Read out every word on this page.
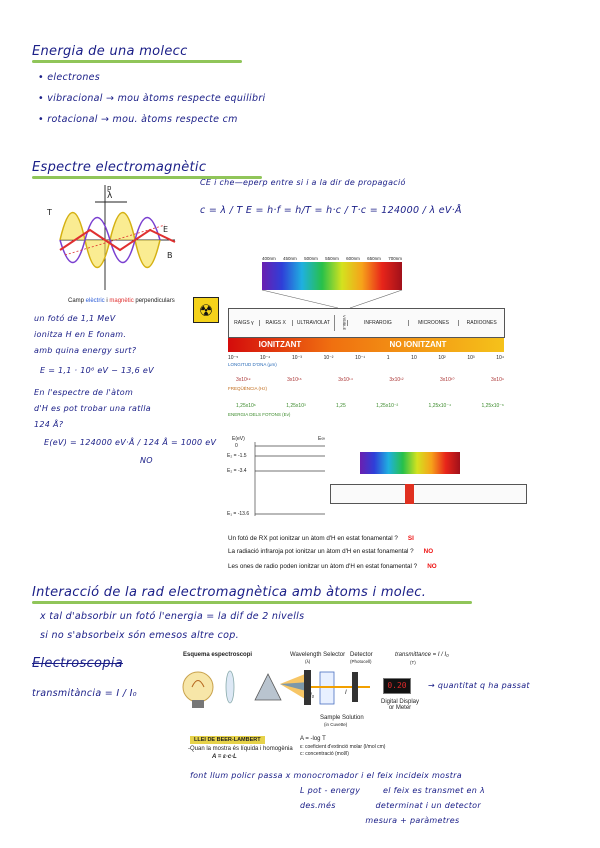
Energia de una molecc
• electrones
• vibracional → mou àtoms respecte equilibri
• rotacional → mou. àtoms respecte cm
Espectre electromagnètic
CE i che—eperp entre si i a la dir de propagació
c = λ / T E = h·f = h/T = h·c / T·c = 124000 / λ eV·Å
λ
E
B
p
T
Camp elèctric i magnètic perpendiculars
un fotó de 1,1 MeV
ionitza H en E fonam.
amb quina energy surt?
E = 1,1 · 10⁶ eV − 13,6 eV
En l'espectre de l'àtom
d'H es pot trobar una ratlla
124 Å?
E(eV) = 124000 eV·Å / 124 Å = 1000 eV
NO
☢
400nm 450nm 500nm 550nm 600nm 650nm 700nm
RAIGS γ	RAIGS X	ULTRAVIOLAT	VISIBLE	INFRAROIG	MICROONES	RADIOONES
IONITZANT	NO IONITZANT
10⁻⁵	10⁻⁴	10⁻³	10⁻²	10⁻¹	1	10	10²	10³	10⁴
LONGITUD D'ONA (μm)
3x10¹⁹	3x10¹⁶	3x10¹⁴	3x10¹²	3x10¹⁰	3x10⁹
FREQÜÈNCIA (Hz)
1,25x10⁶	1,25x10³	1,25	1,25x10⁻²	1,25x10⁻⁴	1,25x10⁻⁶
ENERGIA DELS FOTONS (Ev)
E(eV)
0
E₂ = -1.5
E₂ = -3.4
E₁ = -13.6
E∞
Un fotó de RX pot ionitzar un àtom d'H en estat fonamental ? SI
La radiació infraroja pot ionitzar un àtom d'H en estat fonamental ? NO
Les ones de radio poden ionitzar un àtom d'H en estat fonamental ? NO
Interacció de la rad electromagnètica amb àtoms i molec.
x tal d'absorbir un fotó l'energia = la dif de 2 nivells
si no s'absorbeix són emesos altre cop.
Electroscopia
transmitància = I / I₀
Esquema espectroscopi	Wavelength Selector
(λ)
Detector
(Photocell)
transmittance = I / I₀
(T)
I₀	I
0.20
Digital Display or Meter
Sample Solution
(in Cuvette)
→ quantitat q ha passat
LLEI DE BEER-LAMBERT
-Quan la mostra és líquida i homogènia
A = ε·c·L
A = -log T
ε: coeficient d'extinció molar (l/mol cm)
c: concentració (mol/l)
font llum policr passa x monocromador i el feix incideix mostra
L pot - energy        el feix es transmet en λ
des.més              determinat i un detector
mesura + paràmetres
